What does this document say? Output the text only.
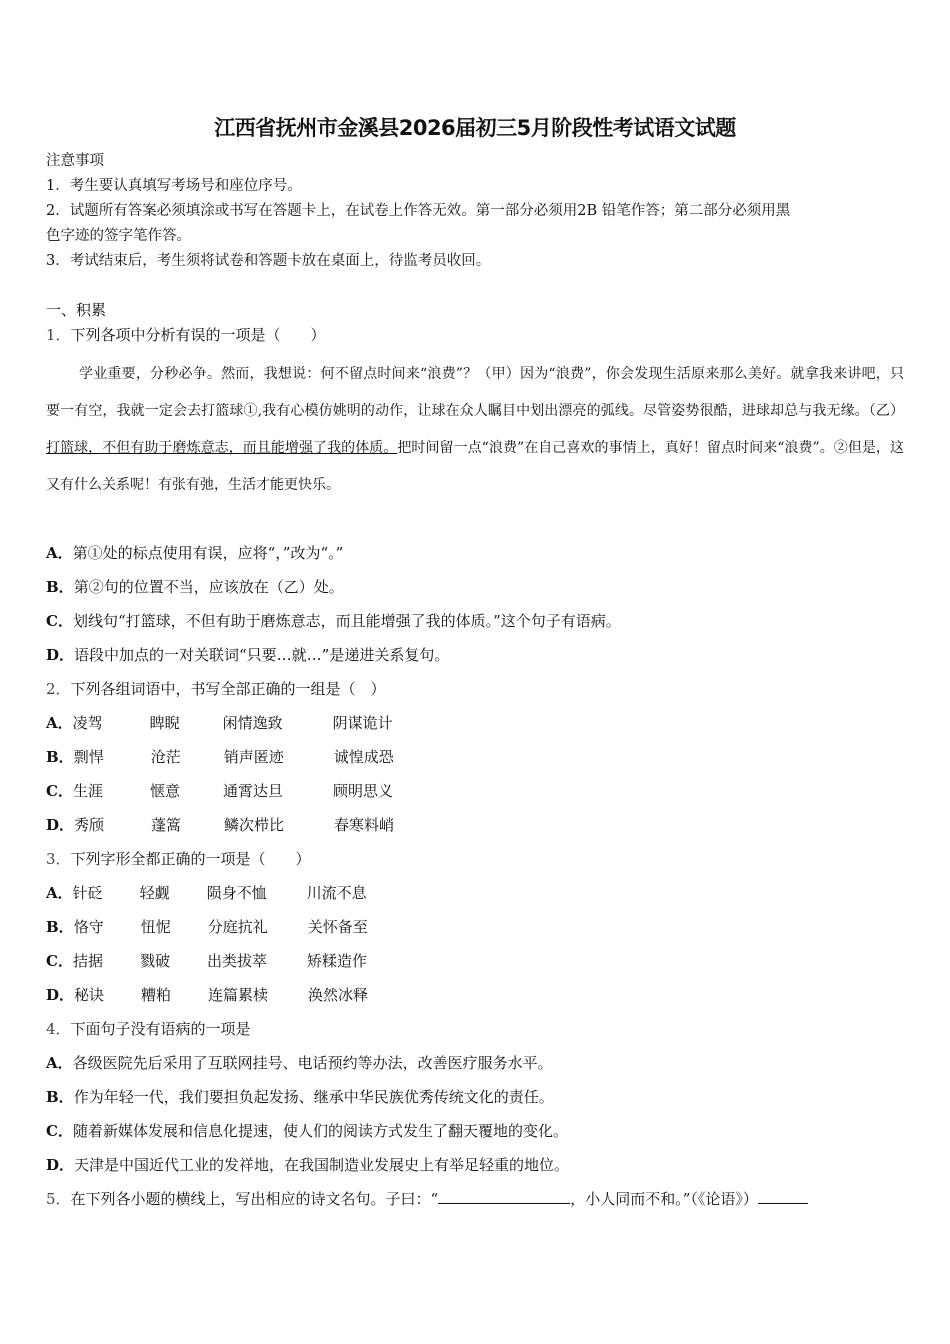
江西省抚州市金溪县2026届初三5月阶段性考试语文试题
注意事项
1．考生要认真填写考场号和座位序号。
2．试题所有答案必须填涂或书写在答题卡上，在试卷上作答无效。第一部分必须用2B 铅笔作答；第二部分必须用黑
色字迹的签字笔作答。
3．考试结束后，考生须将试卷和答题卡放在桌面上，待监考员收回。
一、积累
1．下列各项中分析有误的一项是（　　）
学业重要，分秒必争。然而，我想说：何不留点时间来“浪费”？（甲）因为“浪费”，你会发现生活原来那么美好。就拿我来讲吧，只要一有空，我就一定会去打篮球①,我有心模仿姚明的动作，让球在众人瞩目中划出漂亮的弧线。尽管姿势很酷，进球却总与我无缘。（乙）打篮球，不但有助于磨炼意志，而且能增强了我的体质。把时间留一点“浪费”在自己喜欢的事情上，真好！留点时间来“浪费”。②但是，这又有什么关系呢！有张有弛，生活才能更快乐。
A．第①处的标点使用有误，应将“，”改为“。”
B．第②句的位置不当，应该放在（乙）处。
C．划线句“打篮球，不但有助于磨炼意志，而且能增强了我的体质。”这个句子有语病。
D．语段中加点的一对关联词“只要…就…”是递进关系复句。
2．下列各组词语中，书写全部正确的一组是（　）
A．凌驾	睥睨	闲情逸致	阴谋诡计
B．剽悍	沧茫	销声匿迹	诚惶成恐
C．生涯	惬意	通霄达旦	顾明思义
D．秀颀	蓬篙	鳞次栉比	春寒料峭
3．下列字形全都正确的一项是（　　）
A．针砭 轻觑 陨身不恤	川流不息
B．恪守 忸怩 分庭抗礼	关怀备至
C．拮据 戮破 出类拔萃	矫糅造作
D．秘诀 糟粕 连篇累椟	涣然冰释
4．下面句子没有语病的一项是
A．各级医院先后采用了互联网挂号、电话预约等办法，改善医疗服务水平。
B．作为年轻一代，我们要担负起发扬、继承中华民族优秀传统文化的责任。
C．随着新媒体发展和信息化提速，使人们的阅读方式发生了翻天覆地的变化。
D．天津是中国近代工业的发祥地，在我国制造业发展史上有举足轻重的地位。
5．在下列各小题的横线上，写出相应的诗文名句。子曰：“	，小人同而不和。”（《论语》）
